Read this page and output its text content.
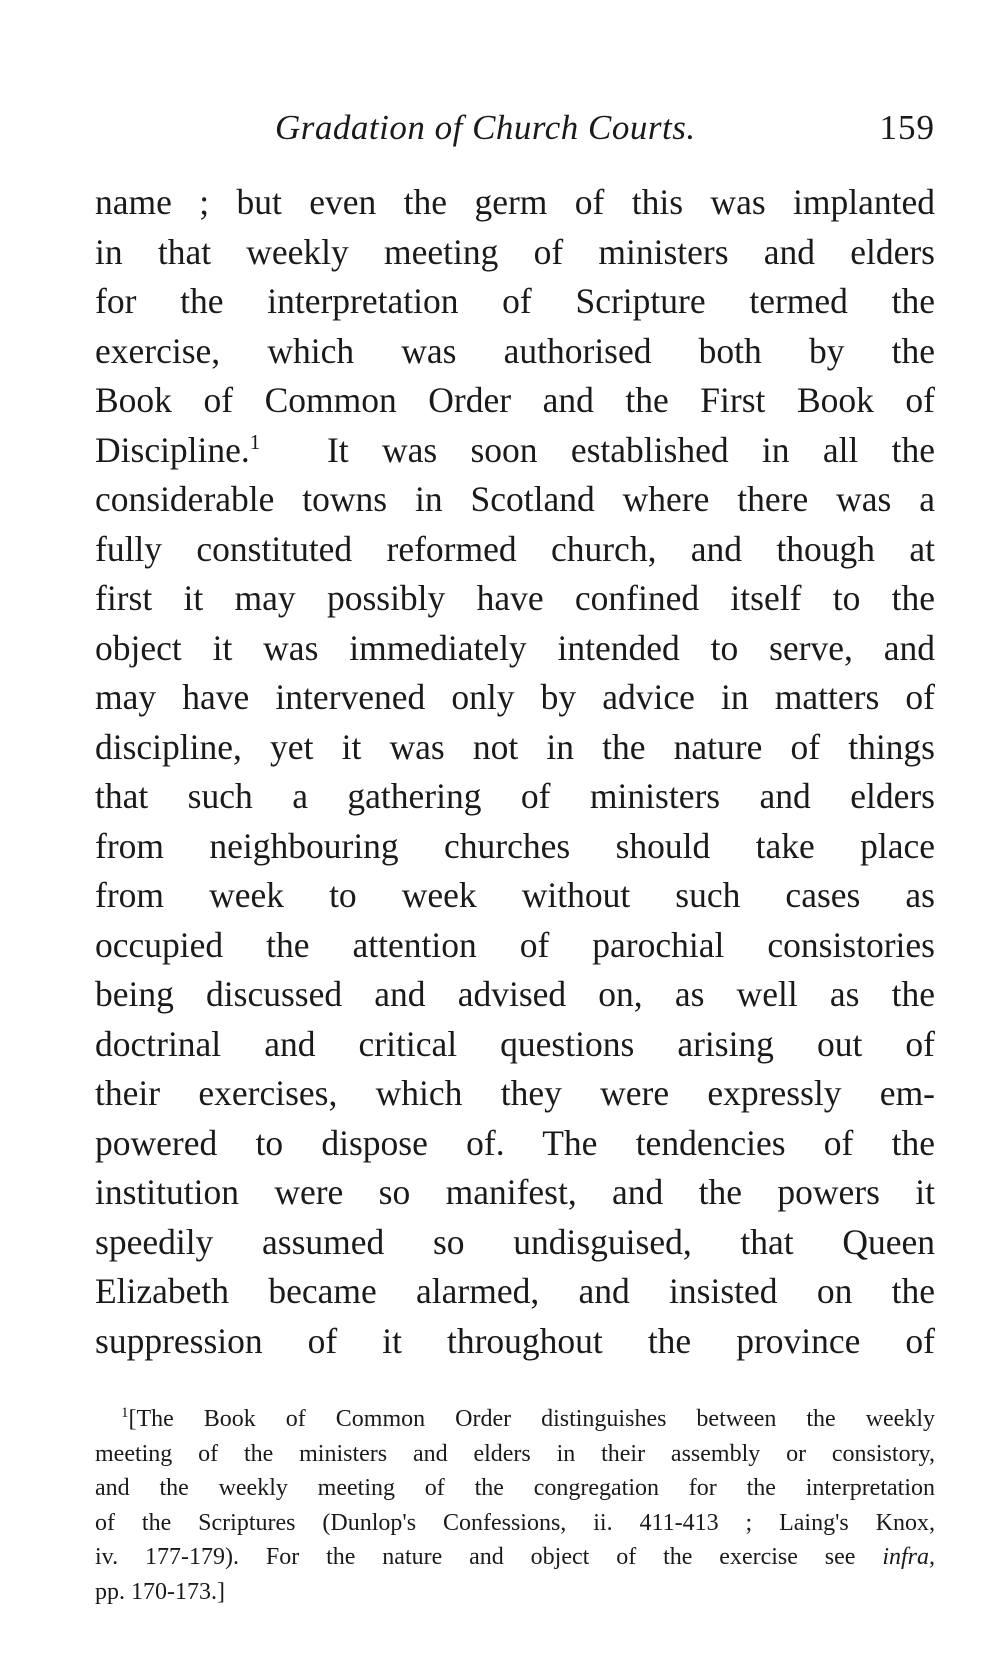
Gradation of Church Courts.	159
name ; but even the germ of this was implanted
in that weekly meeting of ministers and elders
for the interpretation of Scripture termed the
exercise, which was authorised both by the
Book of Common Order and the First Book of
Discipline.$^1$ It was soon established in all the
considerable towns in Scotland where there was a
fully constituted reformed church, and though at
first it may possibly have confined itself to the
object it was immediately intended to serve, and
may have intervened only by advice in matters of
discipline, yet it was not in the nature of things
that such a gathering of ministers and elders
from neighbouring churches should take place
from week to week without such cases as
occupied the attention of parochial consistories
being discussed and advised on, as well as the
doctrinal and critical questions arising out of
their exercises, which they were expressly em-
powered to dispose of. The tendencies of the
institution were so manifest, and the powers it
speedily assumed so undisguised, that Queen
Elizabeth became alarmed, and insisted on the
suppression of it throughout the province of
$^1$[The Book of Common Order distinguishes between the weekly
meeting of the ministers and elders in their assembly or consistory,
and the weekly meeting of the congregation for the interpretation
of the Scriptures (Dunlop's Confessions, ii. 411-413 ; Laing's Knox,
iv. 177-179). For the nature and object of the exercise see infra,
pp. 170-173.]
